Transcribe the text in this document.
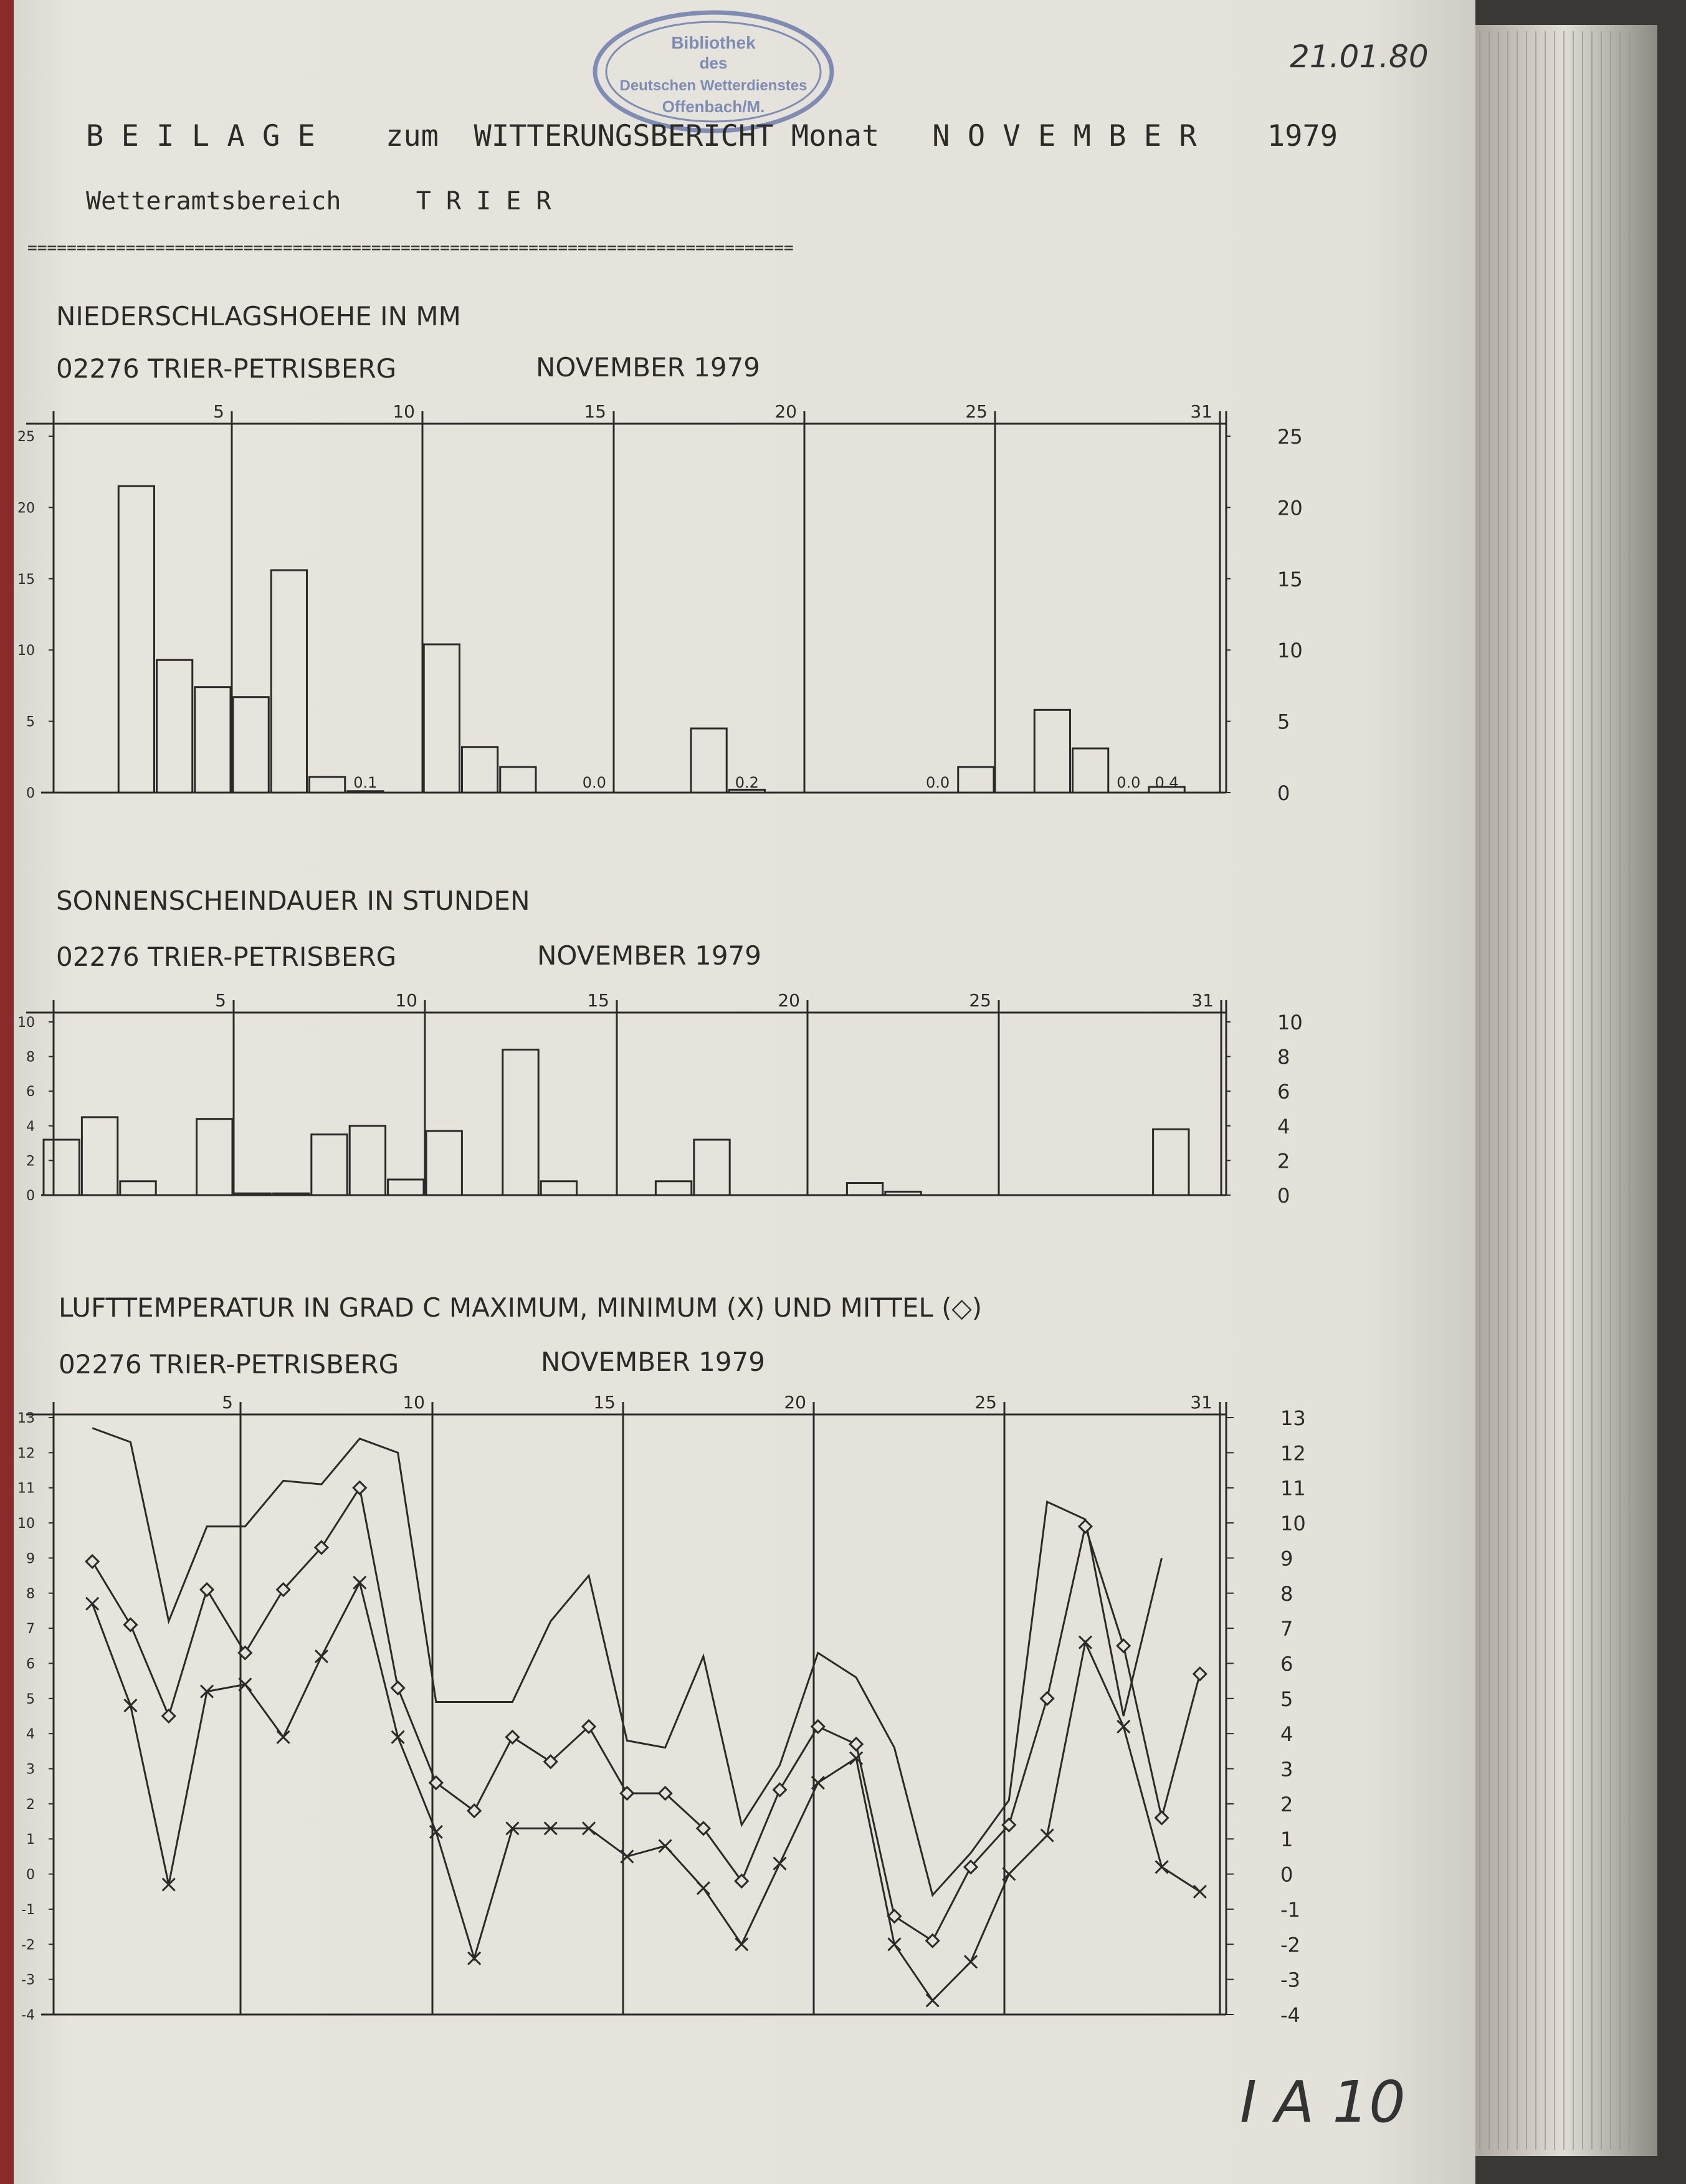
Bibliothek
des
Deutschen Wetterdienstes
Offenbach/M.
21.01.80
I A 10
B E I L A G E    zum  WITTERUNGSBERICHT Monat   N O V E M B E R    1979
Wetteramtsbereich     T R I E R
==============================================================================
NIEDERSCHLAGSHOEHE IN MM
02276 TRIER-PETRISBERG	NOVEMBER 1979
SONNENSCHEINDAUER IN STUNDEN
02276 TRIER-PETRISBERG	NOVEMBER 1979
LUFTTEMPERATUR IN GRAD C MAXIMUM, MINIMUM (X) UND MITTEL (◇)
02276 TRIER-PETRISBERG	NOVEMBER 1979
5	10	15	20	25	31
0
5
10
15
20
25
0
5
10
15
20
25
0.1	0.0	0.2	0.0	0.0 0.4
5	10	15	20	25	31
0
2
4
6
8
10
0
2
4
6
8
10
5	10	15	20	25	31
-4
-3
-2
-1
0
1
2
3
4
5
6
7
8
9
10
11
12
13
-4
-3
-2
-1
0
1
2
3
4
5
6
7
8
9
10
11
12
13
